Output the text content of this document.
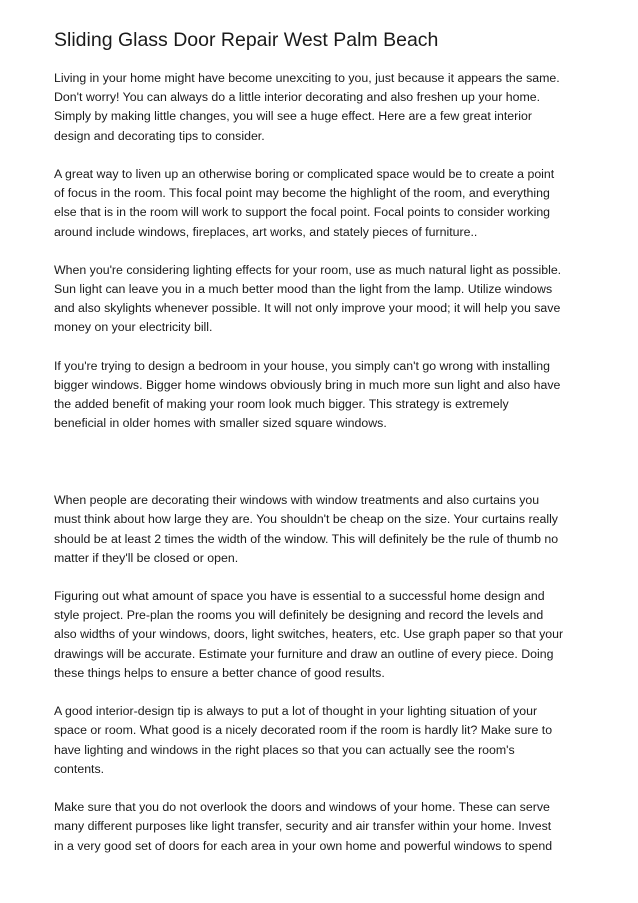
Sliding Glass Door Repair West Palm Beach

Living in your home might have become unexciting to you, just because it appears the same.
Don't worry! You can always do a little interior decorating and also freshen up your home.
Simply by making little changes, you will see a huge effect. Here are a few great interior
design and decorating tips to consider.

A great way to liven up an otherwise boring or complicated space would be to create a point
of focus in the room. This focal point may become the highlight of the room, and everything
else that is in the room will work to support the focal point. Focal points to consider working
around include windows, fireplaces, art works, and stately pieces of furniture..

When you're considering lighting effects for your room, use as much natural light as possible.
Sun light can leave you in a much better mood than the light from the lamp. Utilize windows
and also skylights whenever possible. It will not only improve your mood; it will help you save
money on your electricity bill.

If you're trying to design a bedroom in your house, you simply can't go wrong with installing
bigger windows. Bigger home windows obviously bring in much more sun light and also have
the added benefit of making your room look much bigger. This strategy is extremely
beneficial in older homes with smaller sized square windows.

When people are decorating their windows with window treatments and also curtains you
must think about how large they are. You shouldn't be cheap on the size. Your curtains really
should be at least 2 times the width of the window. This will definitely be the rule of thumb no
matter if they'll be closed or open.

Figuring out what amount of space you have is essential to a successful home design and
style project. Pre-plan the rooms you will definitely be designing and record the levels and
also widths of your windows, doors, light switches, heaters, etc. Use graph paper so that your
drawings will be accurate. Estimate your furniture and draw an outline of every piece. Doing
these things helps to ensure a better chance of good results.

A good interior-design tip is always to put a lot of thought in your lighting situation of your
space or room. What good is a nicely decorated room if the room is hardly lit? Make sure to
have lighting and windows in the right places so that you can actually see the room's
contents.

Make sure that you do not overlook the doors and windows of your home. These can serve
many different purposes like light transfer, security and air transfer within your home. Invest
in a very good set of doors for each area in your own home and powerful windows to spend
